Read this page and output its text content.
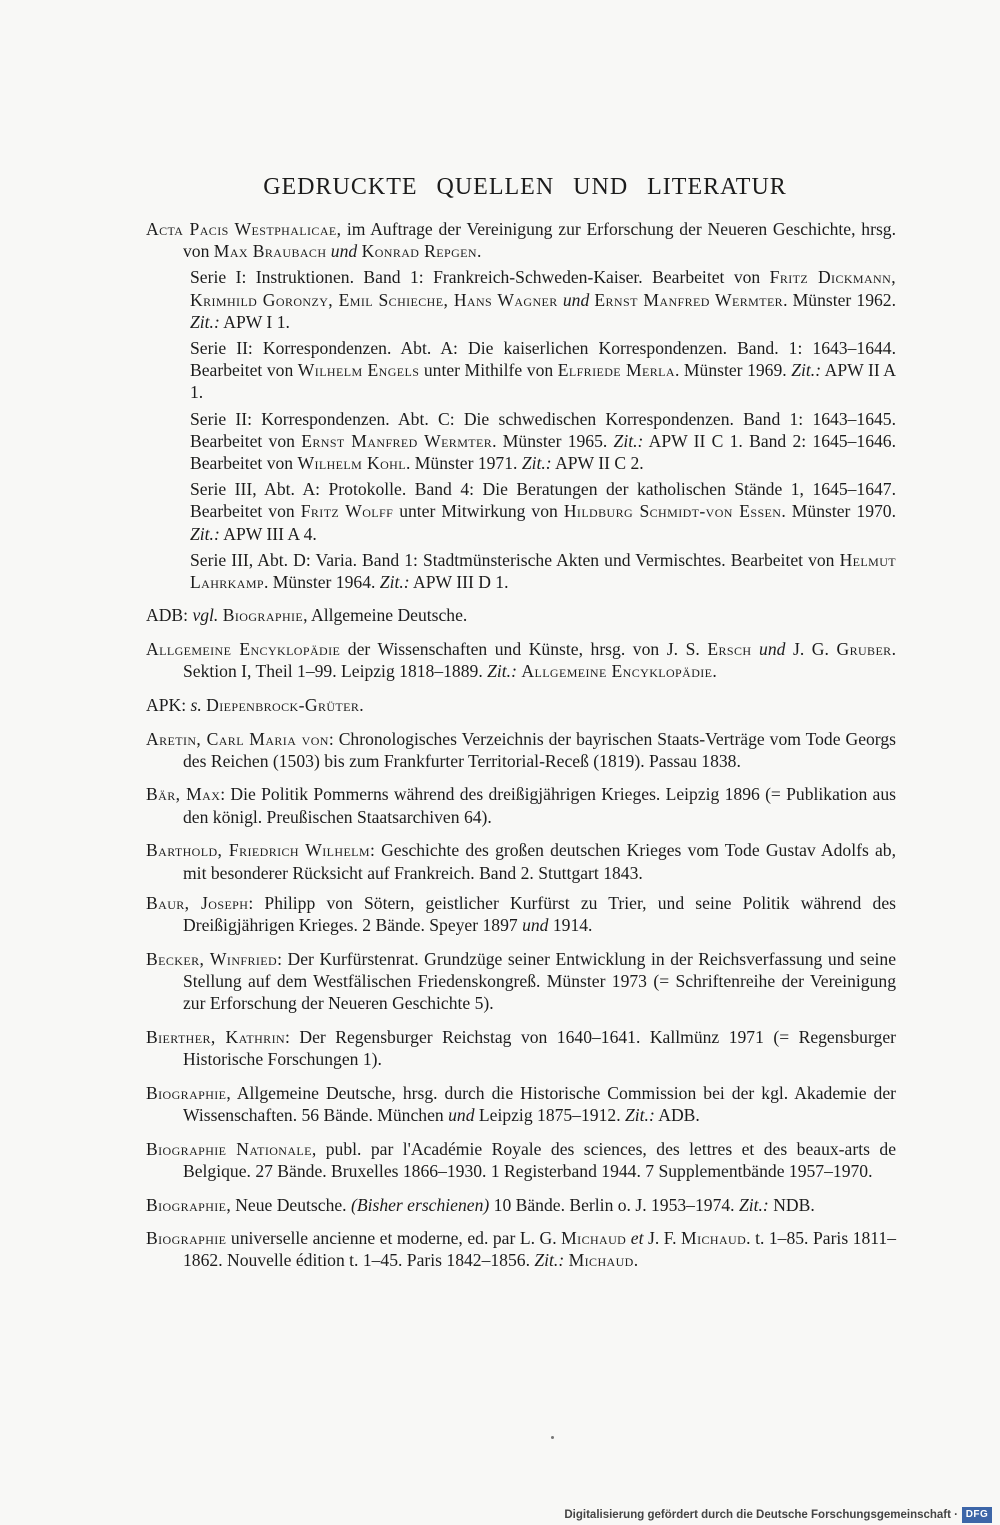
GEDRUCKTE QUELLEN UND LITERATUR
Acta Pacis Westphalicae, im Auftrage der Vereinigung zur Erforschung der Neueren Geschichte, hrsg. von Max Braubach und Konrad Repgen.
Serie I: Instruktionen. Band 1: Frankreich-Schweden-Kaiser. Bearbeitet von Fritz Dickmann, Krimhild Goronzy, Emil Schieche, Hans Wagner und Ernst Manfred Wermter. Münster 1962. Zit.: APW I 1.
Serie II: Korrespondenzen. Abt. A: Die kaiserlichen Korrespondenzen. Band. 1: 1643–1644. Bearbeitet von Wilhelm Engels unter Mithilfe von Elfriede Merla. Münster 1969. Zit.: APW II A 1.
Serie II: Korrespondenzen. Abt. C: Die schwedischen Korrespondenzen. Band 1: 1643–1645. Bearbeitet von Ernst Manfred Wermter. Münster 1965. Zit.: APW II C 1. Band 2: 1645–1646. Bearbeitet von Wilhelm Kohl. Münster 1971. Zit.: APW II C 2.
Serie III, Abt. A: Protokolle. Band 4: Die Beratungen der katholischen Stände 1, 1645–1647. Bearbeitet von Fritz Wolff unter Mitwirkung von Hildburg Schmidt-von Essen. Münster 1970. Zit.: APW III A 4.
Serie III, Abt. D: Varia. Band 1: Stadtmünsterische Akten und Vermischtes. Bearbeitet von Helmut Lahrkamp. Münster 1964. Zit.: APW III D 1.
ADB: vgl. Biographie, Allgemeine Deutsche.
Allgemeine Encyklopädie der Wissenschaften und Künste, hrsg. von J. S. Ersch und J. G. Gruber. Sektion I, Theil 1–99. Leipzig 1818–1889. Zit.: Allgemeine Encyklopädie.
APK: s. Diepenbrock-Grüter.
Aretin, Carl Maria von: Chronologisches Verzeichnis der bayrischen Staats-Verträge vom Tode Georgs des Reichen (1503) bis zum Frankfurter Territorial-Receß (1819). Passau 1838.
Bär, Max: Die Politik Pommerns während des dreißigjährigen Krieges. Leipzig 1896 (= Publikation aus den königl. Preußischen Staatsarchiven 64).
Barthold, Friedrich Wilhelm: Geschichte des großen deutschen Krieges vom Tode Gustav Adolfs ab, mit besonderer Rücksicht auf Frankreich. Band 2. Stuttgart 1843.
Baur, Joseph: Philipp von Sötern, geistlicher Kurfürst zu Trier, und seine Politik während des Dreißigjährigen Krieges. 2 Bände. Speyer 1897 und 1914.
Becker, Winfried: Der Kurfürstenrat. Grundzüge seiner Entwicklung in der Reichsverfassung und seine Stellung auf dem Westfälischen Friedenskongreß. Münster 1973 (= Schriftenreihe der Vereinigung zur Erforschung der Neueren Geschichte 5).
Bierther, Kathrin: Der Regensburger Reichstag von 1640–1641. Kallmünz 1971 (= Regensburger Historische Forschungen 1).
Biographie, Allgemeine Deutsche, hrsg. durch die Historische Commission bei der kgl. Akademie der Wissenschaften. 56 Bände. München und Leipzig 1875–1912. Zit.: ADB.
Biographie Nationale, publ. par l'Académie Royale des sciences, des lettres et des beaux-arts de Belgique. 27 Bände. Bruxelles 1866–1930. 1 Registerband 1944. 7 Supplementbände 1957–1970.
Biographie, Neue Deutsche. (Bisher erschienen) 10 Bände. Berlin o. J. 1953–1974. Zit.: NDB.
Biographie universelle ancienne et moderne, ed. par L. G. Michaud et J. F. Michaud. t. 1–85. Paris 1811–1862. Nouvelle édition t. 1–45. Paris 1842–1856. Zit.: Michaud.
Digitalisierung gefördert durch die Deutsche Forschungsgemeinschaft · DFG
